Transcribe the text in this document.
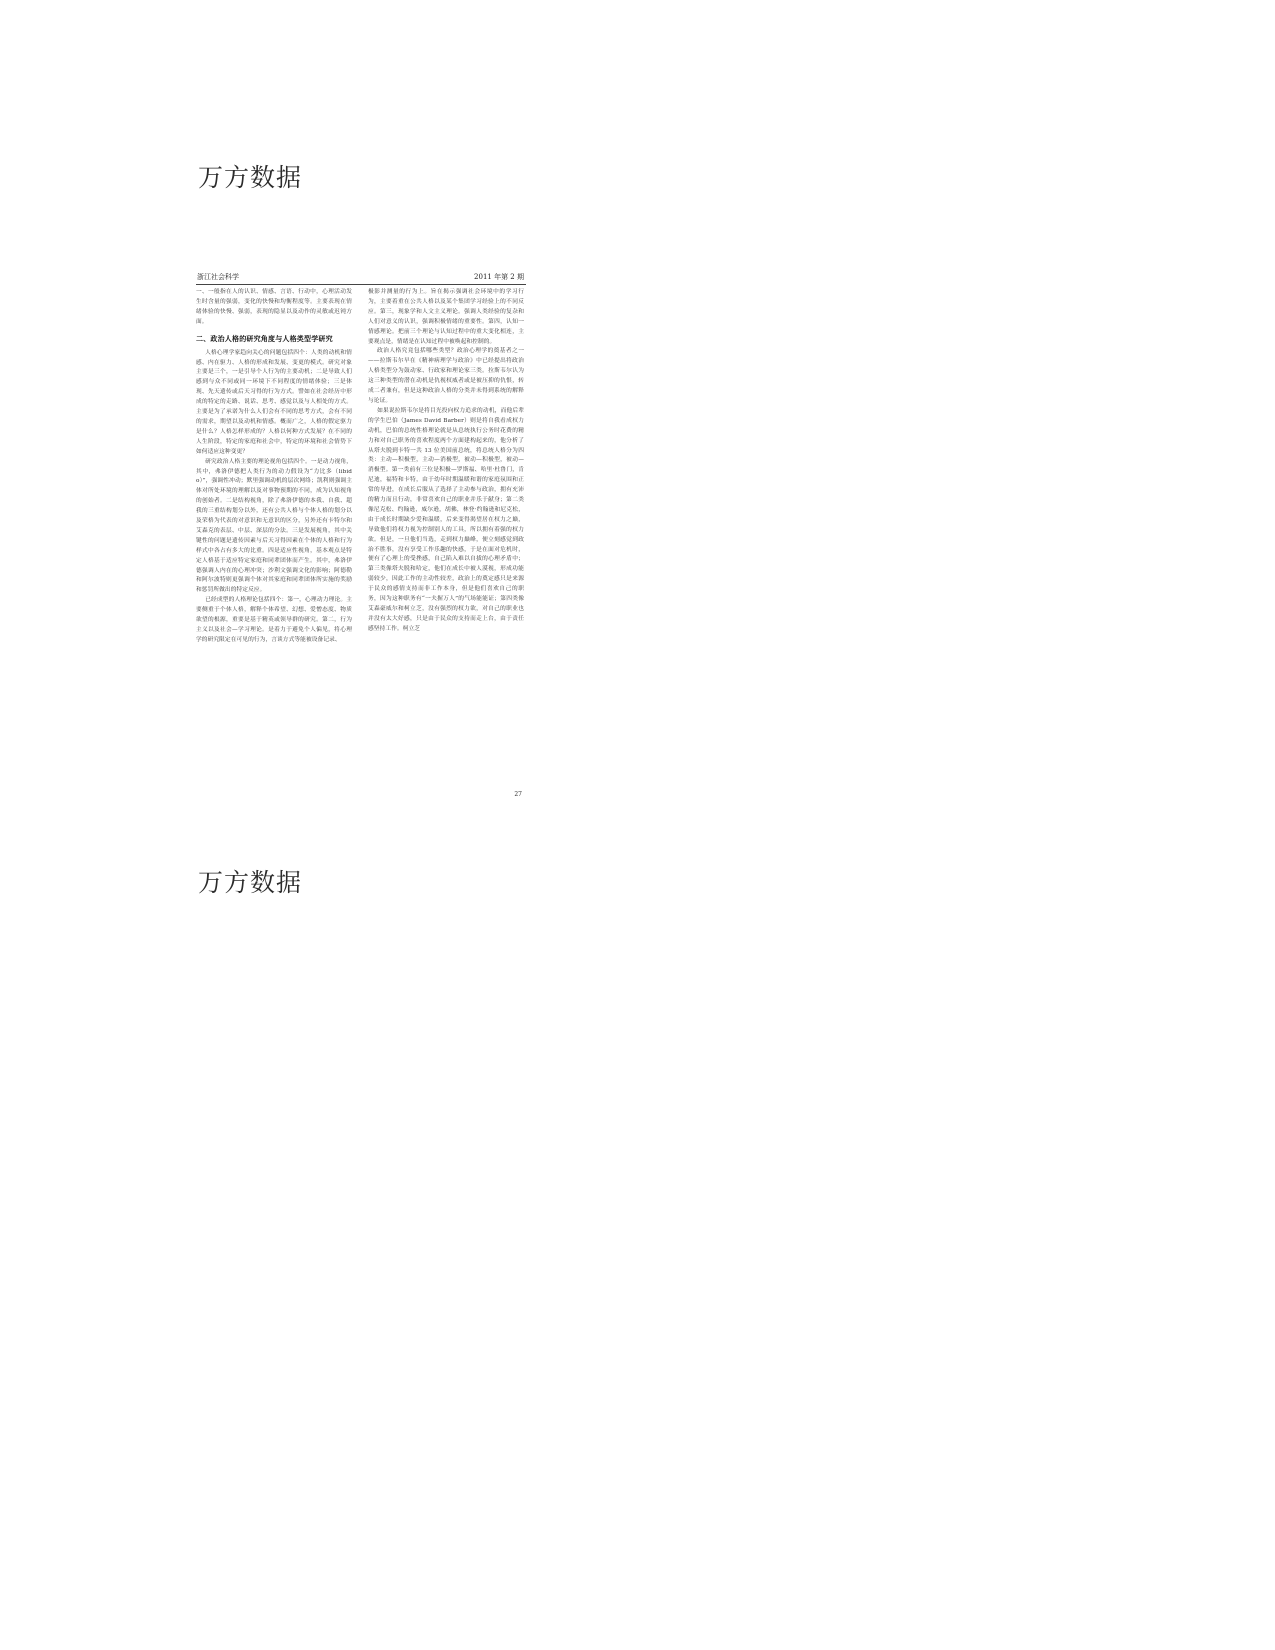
万方数据
浙江社会科学	2011 年第 2 期

一、一般指在人的认识、情感、言语、行动中，心理活动发生时含量的强弱，变化的快慢和均衡程度等。主要表现在情绪体验的快慢、强弱，表现的隐显以及动作的灵敏或迟钝方面。

二、政治人格的研究角度与人格类型学研究

人格心理学家趋向关心的问题包括四个：人类的动机和情感、内在驱力、人格的形成和发展、变更的模式。研究对象主要是三个，一是引导个人行为的主要动机；二是导致人们感到与众不同或同一环境下不同程度的情绪体验；三是体现、先天遗传或后天习得的行为方式。譬如在社会经历中形成的特定的走路、说话、思考、感觉以及与人相处的方式。主要是为了承诺为什么人们会有不同的思考方式，会有不同的需求，期望以及动机和情感。概而广之，人格的假定驱力是什么？人格怎样形成的？人格以何种方式发展？在不同的人生阶段，特定的家庭和社会中，特定的环境和社会情势下如何适应这种变更？

研究政治人格主要的理论视角包括四个。一是动力视角，其中，弗洛伊德把人类行为的动力假设为“力比多（libido）”，强调性冲动；默里强调动机的层次网络；凯利则强调主体对所处环境的理解以及对事物预期的不同，成为认知视角的创始者。二是结构视角，除了弗洛伊德的本我、自我、超我的三重结构划分以外，还有公共人格与个体人格的划分以及荣格为代表的对意识和无意识的区分，另外还有卡特尔和艾森克的表层、中层、深层的分法。三是发展视角，其中关键性的问题是遗传因素与后天习得因素在个体的人格和行为样式中各占有多大的比重。四是适应性视角，基本观点是特定人格基于适应特定家庭和同辈团体而产生。其中，弗洛伊德强调人内在的心理冲突；沙利文强调文化的影响；阿德勒和阿尔波特则更强调个体对其家庭和同辈团体所实施的奖励和惩罚所做出的特定反应。

已经成型的人格理论包括四个：第一，心理动力理论。主要侧重于个体人格，解释个体希望、幻想、爱憎态度、物质欲望的根源，重要是基于精英或领导群的研究。第二，行为主义以及社会—学习理论。是着力于避免个人偏见，将心理学的研究限定在可见的行为，言谈方式等能被设备记录、

极影并测量的行为上。旨在揭示强调社会环境中的学习行为，主要着重在公共人格以及某个集团学习经验上的不同反应。第三，现象学和人文主义理论。强调人类经验的复杂和人们对意义的认识，强调积极情绪的重要性。第四，认知一情感理论。把前三个理论与认知过程中的重大变化相连，主要观点是，情绪是在认知过程中被唤起和控制的。

政治人格究竟包括哪些类型？政治心理学的奠基者之一——拉斯韦尔早在《精神病理学与政治》中已经提出将政治人格类型分为鼓动家、行政家和理论家三类。拉斯韦尔认为这三种类型的潜在动机是仇视权威者或是被压抑的仇恨，转成二者兼有，但是这种政治人格的分类并未得到系统的解释与论证。

如果说拉斯韦尔是将目光投向权力追求的动机，而他后辈的学生巴伯（James David Barber）则是将自我看成权力动机，巴伯的总统性格理论就是从总统执行公务时花费的精力和对自己职务的喜欢程度两个方面建构起来的，他分析了从塔夫脱到卡特一共 13 位美国前总统，将总统人格分为四类：主动—积极型，主动—消极型，被动—积极型，被动—消极型。第一类前有三位是积极—罗斯福、哈里·杜鲁门，肯尼迪，福特和卡特，由于幼年时期温暖和谐的家庭氛围和正常的导进，在成长后服从了选择了主动参与政治，拥有充沛的精力而且行动，非常喜欢自己的职业并乐于献身；第二类像尼克松、约翰逊，威尔逊，胡佛，林登·约翰逊和尼克松，由于成长时期缺少爱和温暖，后来变得渴望居在权力之巅，导致他们将权力视为控制别人的工具，所以拥有着强的权力欲。但是，一旦他们当选，走到权力巅峰，便立刻感觉到政治不胜事，没有享受工作乐趣的快感，于是在面对危机时，便有了心理上的受挫感，自己陷入难以自拔的心理矛盾中；第三类像塔夫脱和哈定，他们在成长中被人漠视，形成功能弱较少，因此工作的主动性较差，政治上的奠定感只是来源于民众的感情支持而非工作本身，但是他们喜欢自己的职务，因为这种职务有“一夫握万人”的气场能能证；第四类像艾森豪威尔和柯立芝，没有强烈的权力欲，对自己的职业也并没有太大好感，只是由于民众的支持而走上台，由于责任感坚持工作。柯立芝

27
万方数据
